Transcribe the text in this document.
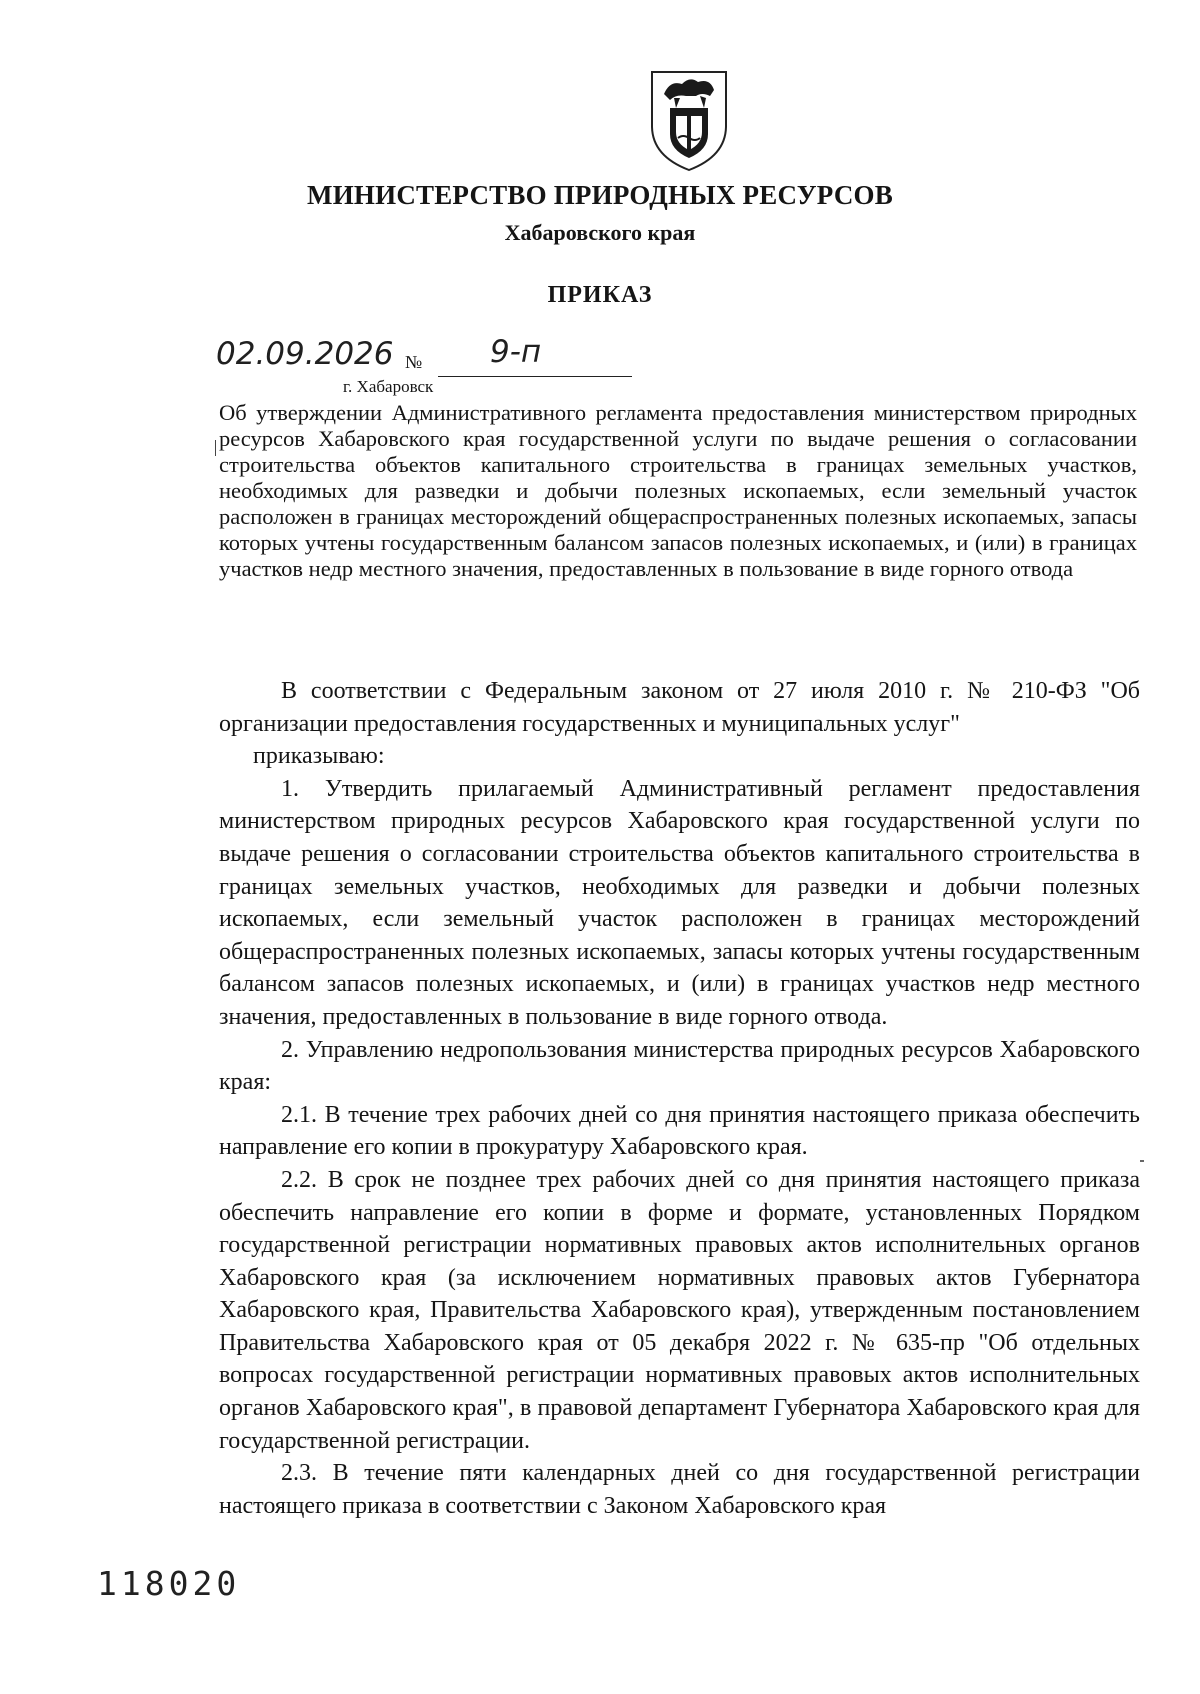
МИНИСТЕРСТВО ПРИРОДНЫХ РЕСУРСОВ
Хабаровского края
ПРИКАЗ
02.09.2026 № 9-п
г. Хабаровск
Об утверждении Административного регламента предоставления министерством природных ресурсов Хабаровского края государственной услуги по выдаче решения о согласовании строительства объектов капитального строительства в границах земельных участков, необходимых для разведки и добычи полезных ископаемых, если земельный участок расположен в границах месторождений общераспространенных полезных ископаемых, запасы которых учтены государственным балансом запасов полезных ископаемых, и (или) в границах участков недр местного значения, предоставленных в пользование в виде горного отвода

В соответствии с Федеральным законом от 27 июля 2010 г. № 210-ФЗ "Об организации предоставления государственных и муниципальных услуг"

приказываю:

1. Утвердить прилагаемый Административный регламент предоставления министерством природных ресурсов Хабаровского края государственной услуги по выдаче решения о согласовании строительства объектов капитального строительства в границах земельных участков, необходимых для разведки и добычи полезных ископаемых, если земельный участок расположен в границах месторождений общераспространенных полезных ископаемых, запасы которых учтены государственным балансом запасов полезных ископаемых, и (или) в границах участков недр местного значения, предоставленных в пользование в виде горного отвода.

2. Управлению недропользования министерства природных ресурсов Хабаровского края:

2.1. В течение трех рабочих дней со дня принятия настоящего приказа обеспечить направление его копии в прокуратуру Хабаровского края.

2.2. В срок не позднее трех рабочих дней со дня принятия настоящего приказа обеспечить направление его копии в форме и формате, установленных Порядком государственной регистрации нормативных правовых актов исполнительных органов Хабаровского края (за исключением нормативных правовых актов Губернатора Хабаровского края, Правительства Хабаровского края), утвержденным постановлением Правительства Хабаровского края от 05 декабря 2022 г. № 635-пр "Об отдельных вопросах государственной регистрации нормативных правовых актов исполнительных органов Хабаровского края", в правовой департамент Губернатора Хабаровского края для государственной регистрации.

2.3. В течение пяти календарных дней со дня государственной регистрации настоящего приказа в соответствии с Законом Хабаровского края

118020
